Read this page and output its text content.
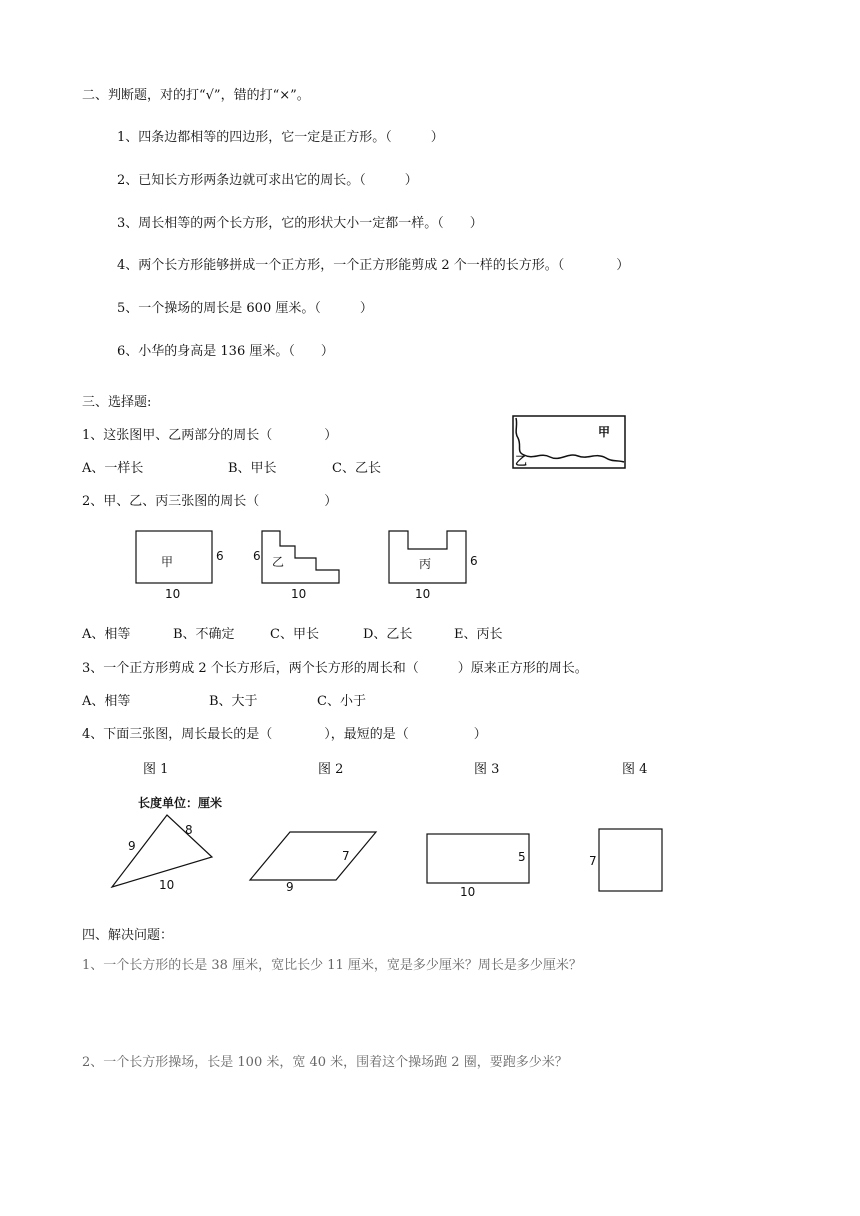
二、判断题，对的打“√”，错的打“×”。
1、四条边都相等的四边形，它一定是正方形。（　　　）
2、已知长方形两条边就可求出它的周长。（　　　）
3、周长相等的两个长方形，它的形状大小一定都一样。（　　）
4、两个长方形能够拼成一个正方形，一个正方形能剪成 2 个一样的长方形。（　　　　）
5、一个操场的周长是 600 厘米。（　　　）
6、小华的身高是 136 厘米。（　　）
三、选择题:
1、这张图甲、乙两部分的周长（　　　　）
A、一样长	B、甲长	C、乙长
2、甲、乙、丙三张图的周长（　　　　　）
A、相等	B、不确定	C、甲长	D、乙长	E、丙长
3、一个正方形剪成 2 个长方形后，两个长方形的周长和（　　　）原来正方形的周长。
A、相等	B、大于	C、小于
4、下面三张图，周长最长的是（　　　　），最短的是（　　　　　）
图 1	图 2	图 3	图 4
长度单位：厘米
四、解决问题：
1、一个长方形的长是 38 厘米，宽比长少 11 厘米，宽是多少厘米？周长是多少厘米？
2、一个长方形操场，长是 100 米，宽 40 米，围着这个操场跑 2 圈，要跑多少米？
甲
乙
甲	6
10
乙
6
10
丙	6
10
9
8
10	9
7	5
10
7
